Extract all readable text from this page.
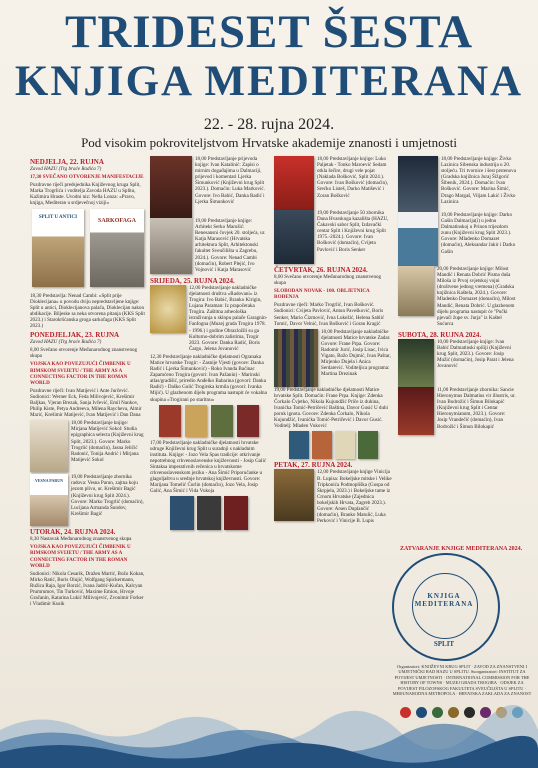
TRIDESET ŠESTA
KNJIGA MEDITERANA
22. - 28. rujna 2024.
Pod visokim pokroviteljstvom Hrvatske akademije znanosti i umjetnosti
NEDJELJA, 22. RUJNA

Zavod HAZU (Trg braće Radića 7)

17,30 SVEČANO OTVORENJE MANIFESTACIJE

Pozdravne riječi predsjednika Književnog kruga Split, Marka Trogrlića i voditelja Zavoda HAZU u Splitu, Kažimira Hraste. Uvodni niz: Nella Lonza: »Pravo, knjiga, Mediteran u srdjevečnoj viziji«

SPLIT U ANTICI
SARKOFAGA

18,30 Predstavlja: Nenad Cambi: »Split prije Dioklecijana« u povodu dviju nepredstavljene knjige: Split u antici, Dioklecijanova palača, Dioklecijan nakon abdikacije. Biljeske sa neka otvorena pitanja (KKS Split 2023.) i Starokršćanska groga sarkofaga (KKS Split 2023.)

PONEDJELJAK, 23. RUJNA

Zavod HAZU (Trg braće Radića 7)

8,00 Svečano otvorenje Međunarodnog znanstvenog skupa

VOJSKA KAO POVEZUJUĆI ČIMBENIK U RIMSKOM SVIJETU / THE ARMY AS A CONNECTING FACTOR IN THE ROMAN WORLD

Pozdravne riječi: Ivan Matijević i Ante Jurčević. Sudionici: Werner Eck, Feda Milivojević, Krešimir Baljkas, Vjeran Brezak, Sanja Ivčević, Emil Nankov, Philip Kiste, Petya Andreeva, Milena Raycheva, Almir Marić, Krešimir Matijević, Ivan Matijević i Dan Dana

18,00 Predstavljanje knjige: Mirjana Matijević Sokol: Studia epigraphica selecta (Književni krug Split, 2023.). Govore: Marko Trogrlić (domaćin), Jasna Jeličić Radonić, Tonija Andrić i Mirjana Matijević Sokol

VESNA PARUN

19,00 Predstavljanje zbornika radova: Vesna Parun, zajtna koju jezom plivu, ur. Krešimir Bagić (Književni krug Split 2024.). Govore: Marko Trogrlić (domaćin), Lucijana Armanda Šundov, Krešimir Bagić

UTORAK, 24. RUJNA 2024.

8,30 Nastavak Međunarodnog znanstvenog skupa

VOJSKA KAO POVEZUJUĆI ČIMBENIK U RIMSKOM SVIJETU / THE ARMY AS A CONNECTING FACTOR IN THE ROMAN WORLD

Sudionici: Nikola Cesarik, Dražen Martić, Božo Kokan, Mirko Ratić, Boris Olujić, Wolfgang Spickermann, Ružica Raja, Igor Borzić, Ivana Jadrić-Kučan, Kalcyan Prumrumov, Tin Turković, Maxime Emion, Hrvoje Gračanin, Katarina Lukić Milivojević, Zvonimir Forker i Vladimir Kusik

18,00 Predstavljanje prijevoda knjige: Ivan Katalinić: Zapisi o mirnim događajima u Dalmaciji, prijevod i komentari Ljerka Šimunković (Književni krug Split 2023.). Domaćin: Luka Marković. Govore: Ivo Babić, Danka Radić i Ljerka Šimunković

19,00 Predstavljanje knjige: Arhitekt Serko Marušić: Renesansni čovjek 20. stoljeća, ur. Katja Marasović (Hrvatska arhitektura Split, Arhitektonski fakultet Sveučilišta u Zagrebu, 2024.). Govore: Nenad Cambi (domaćin), Robert Plejić, Ivo Vojnović i Katja Marasović

SRIJEDA, 25. RUJNA 2024.

12,00 Predstavljanje nakladničke djelatnosti društva »Radovani« iz Trogira: Ivo Babić, Branko Kirigin, Lujana Paraman: Iz prapočetaka Trogira. Zaštitna arheološka istraživanja u sklopu palače Garagnin-Fanfogna (Muzej grada Trogira 1978. - 1996.) i godine Obrazložili su ga Kulturno-dobrim zalistima, Trogir 2023. Govore: Danka Radić, Boris Čargo, Jelena Jovanović

12,30 Predstavljanje nakladničke djelatnosti Ogranaka Matice hrvatske Trogir: - Zasnije Vjesti (govore: Danka Radić i Ljerka Šimunković) - Roko Ivanda Baćinac Zapamćeno Trogira (govori: Ivan Pažanin) - Marinski atlas/gradišić, priredio Anđelko Babarina (govori: Danka Radić) - Daško Gulić Trogirska krmila (govori: Ivanka Mijić). U glazbenom dijelu programa nastupit će vokalna skupina »Trogirani po staritnu«

17,00 Predstavljanje nakladničke djelatnosti hrvatske udruge Književni krug Split u suradnji s nakladnim instituta. Knjige: - Jozo Vela Spas tradicije: otkrivanje nepotrebnog crkvenoslavenske književnosti - Josip Galić Sintaksa imperativnih rečenica u hrvatskome crkvenoslavenskom jeziku - Ana Šimić Priporučanke u glagoljaštvu u srednje hrvatskoj književnosti. Govore: Marijana Tomelić Ćurlin (domaćin), Jozo Vela, Josip Galić, Ana Šimić i Vida Vukoja

18,00 Predstavljanje knjige: Luko Paljetak - Tonko Maroević Sedam otkla šečire, drugi vele pojat (Naklada Bošković, Split 2024.). Govore: Ivan Bošković (domaćin), Srećko Listeš, Darko Matišević i Zoran Bošković

19,00 Predstavljanje 50 zbornika Dana Hvarskoga kazališta (HAZU, Čakavski sabor Split, Izdavački centar Split i Književni krug Split 1975.-2024.). Govore: Ivan Bošković (domaćin), Cvijeta Pavlović i Boris Senker

ČETVRTAK, 26. RUJNA 2024.

8,00 Svečano otvorenje Međunarodnog znanstvenog skupa

SLOBODAN NOVAK - 100. OBLJETNICA ROĐENJA

Pozdravne riječi: Marko Trogrlić, Ivan Bošković. Sudionici: Cvijeta Pavlović, Antun Pavešković, Boris Senker, Mario Čizmović, Ivna Lukežić, Helena Sablić Tomić, Davor Velnić, Ivan Bošković i Goran Kragić

18,00 Predstavljanje nakladničke djelatnosti Matice hrvatske Zadar. Govore: Frane Prpa. Govore: Radomir Jurić, Josip Lisac, Ivica Vigato, Božo Dujmić, Ivan Paštar, Mirjenko Dujela i Anica Serdarević. Voditeljica programa: Martina Drezinak

19,00 Predstavljanje nakladničke djelatnosti Matice hrvatske Split. Domaćin: Frane Prpa. Knjige: Zdenka Čorkalo Čvjetko, Nikola Kujundžić Priče iz duhina, Ivanićka Tomić-Petričević Baština, Davor Gusić U duhi poruk ignota. Govore: Zdenka Čorkalo, Nikola Kujundžić, Ivanićka Tomić-Petričević i Davor Gusić. Voditelj: Mladen Vuković

PETAK, 27. RUJNA 2024.

12,00 Predstavljanje knjige Vinicija B. Lupisa: Bokeljske mitske i Velike Tripkonića Podmopliška (Gospa od Škrpjela, 2023.) i Bokeljske tame iz Crnom Hrvatske (Zajednica bokeljskih Hrvata, Zagreb 2023.). Govore: Arsen Duplančić (domaćin), Branko Matulić, Luka Perković i Vinicije B. Lupis

18,00 Predstavljanje knjige: Živko Lazinica Sibenska industrija u 20. stoljeću. Tri tvornice i šest prstenova (Gradska knjižnica Juraj Šižgorić Šibenik, 2024.). Domaćin: Ivan Bošković. Govore: Marina Šimić, Drago Margaš, Viljam Lakić i Živko Lazinica

19,00 Predstavljanje knjige: Darko Gašin Dalmacija(i) u jednu Dalmatinskoj u Prinon trijezdom zunu (Književni krug Split 2023.). Govore: Mladenko Domazet (domaćin), Aleksandar Jakir i Darko Gašin

20,00 Predstavljanje knjige: Milost Mandić i Renata Dobrić Pisma duša Miloša iz Prvoj svjetskoj vojni (društvene jednog vremena) (Gradska knjižnica Kaštela, 2024.). Govore: Mladenko Domazet (domaćin), Milost Mandić, Renata Dobrić. U glazbenom dijelu programa nastupit će "Pučki pjevači župe sv. Jurja" iz Kaštel Sućurca

SUBOTA, 28. RUJNA 2024.

10,00 Predstavljanje knjige: Ivan Babić Dalmatinski spiliji (Književni krug Split, 2023.). Govore: Josip Mužić (domaćin), Josip Parat i Jelena Jovanović

11,00 Predstavljanje zbornika: Sancie Hieronymus Dalmatius vir illustris, ur. Ivan Bodrožić i Šimun Bilokapić (Književni krug Split i Centar Hieronymianum, 2023.). Govore: Josip Vrandečić (domaćin), Ivan Bodrožić i Šimun Bilokapić

ZATVARANJE KNJIGE MEDITERANA 2024.
KNJIGA MEDITERANA
SPLIT
Organizatori: KNJIŽEVNI KRUG SPLIT · ZAVOD ZA ZNANSTVENI I UMJETNIČKI RAD HAZU U SPLITU. Suorganizatori: INSTITUT ZA POVIJEST UMJETNOSTI · INTERNATIONAL COMMISSION FOR THE HISTORY OF TOWNS · MUZEJ GRADA TROGIRA · ODSJEK ZA POVIJEST FILOZOFSKOG FAKULTETA SVEUČILIŠTA U SPLITU · MEĐUNARODNA METROPOLA · HRVATSKA ZAKLADA ZA ZNANOST
